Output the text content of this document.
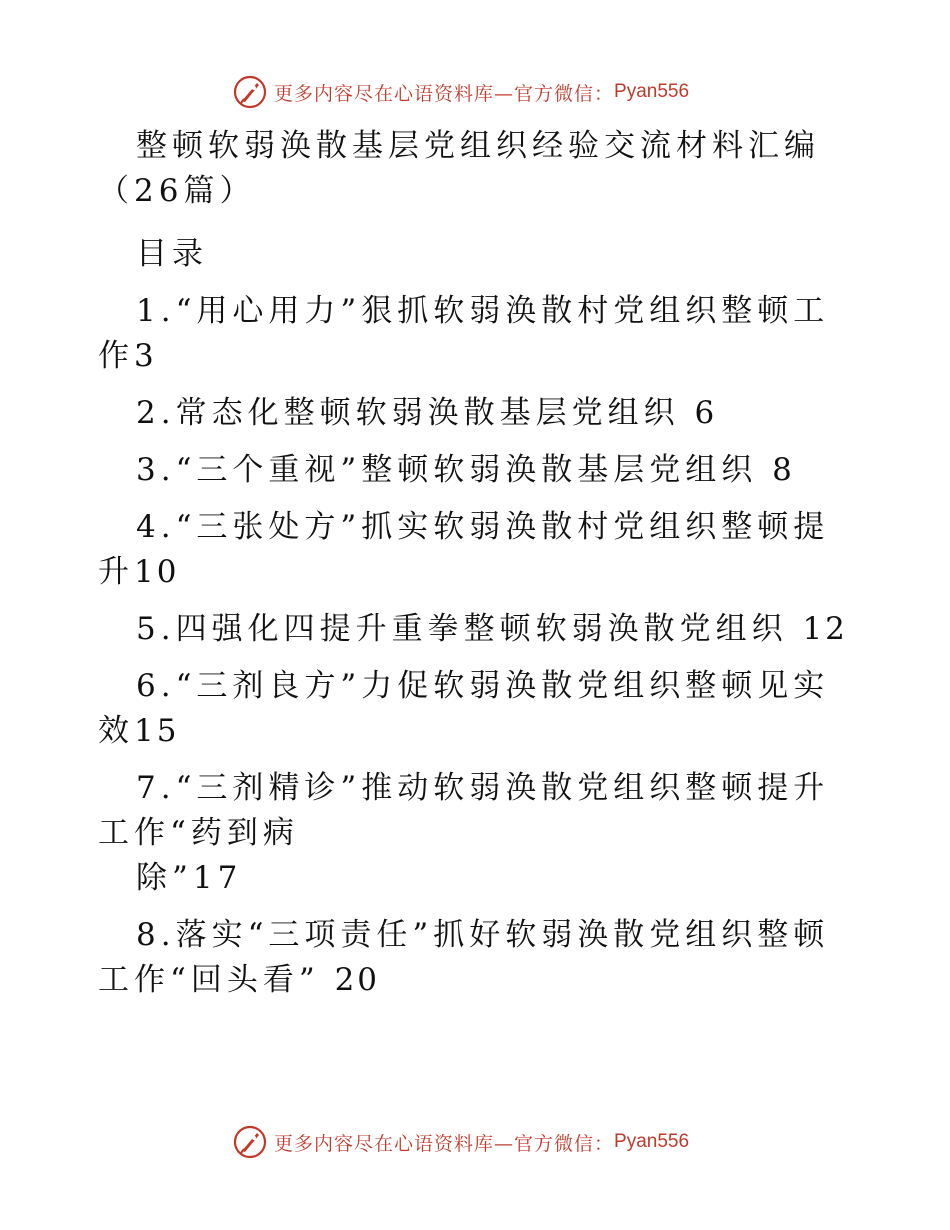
更多内容尽在心语资料库—官方微信： Pyan556

整顿软弱涣散基层党组织经验交流材料汇编（26篇）

目录

1.“用心用力”狠抓软弱涣散村党组织整顿工作3

2.常态化整顿软弱涣散基层党组织 6

3.“三个重视”整顿软弱涣散基层党组织 8

4.“三张处方”抓实软弱涣散村党组织整顿提升10

5.四强化四提升重拳整顿软弱涣散党组织 12

6.“三剂良方”力促软弱涣散党组织整顿见实效15

7.“三剂精诊”推动软弱涣散党组织整顿提升工作“药到病

除”17

8.落实“三项责任”抓好软弱涣散党组织整顿工作“回头看” 20

更多内容尽在心语资料库—官方微信： Pyan556
